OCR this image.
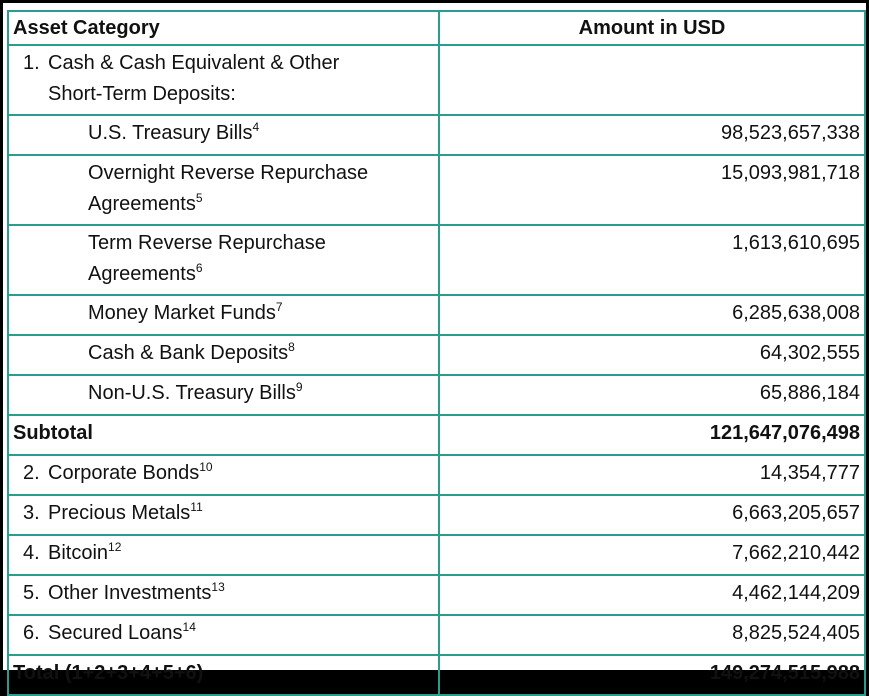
Asset Category	Amount in USD

1. Cash & Cash Equivalent & Other
Short-Term Deposits:	

U.S. Treasury Bills$^4$	98,523,657,338

Overnight Reverse Repurchase
Agreements$^5$	15,093,981,718

Term Reverse Repurchase
Agreements$^6$	1,613,610,695

Money Market Funds$^7$	6,285,638,008

Cash & Bank Deposits$^8$	64,302,555

Non-U.S. Treasury Bills$^9$	65,886,184

Subtotal	121,647,076,498

2. Corporate Bonds$^{10}$	14,354,777

3. Precious Metals$^{11}$	6,663,205,657

4. Bitcoin$^{12}$	7,662,210,442

5. Other Investments$^{13}$	4,462,144,209

6. Secured Loans$^{14}$	8,825,524,405

Total (1+2+3+4+5+6)	149,274,515,988
